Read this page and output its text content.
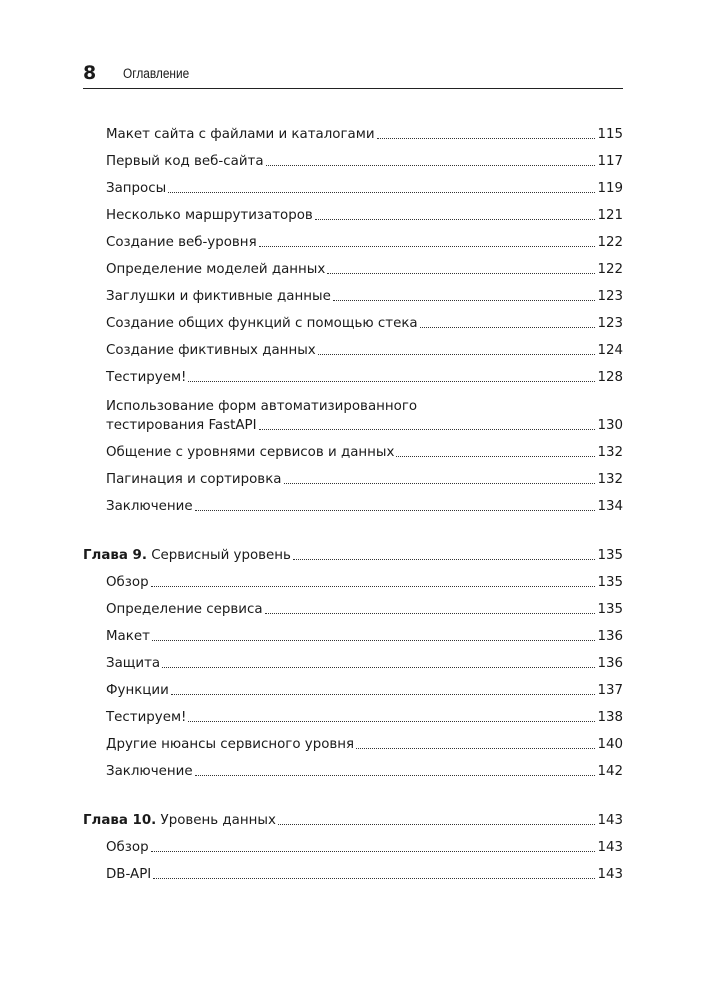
8 Оглавление
Макет сайта с файлами и каталогами	115
Первый код веб-сайта	117
Запросы	119
Несколько маршрутизаторов	121
Создание веб-уровня	122
Определение моделей данных	122
Заглушки и фиктивные данные	123
Создание общих функций с помощью стека	123
Создание фиктивных данных	124
Тестируем!	128
Использование форм автоматизированного
тестирования FastAPI	130
Общение с уровнями сервисов и данных	132
Пагинация и сортировка	132
Заключение	134
Глава 9. Сервисный уровень	135
Обзор	135
Определение сервиса	135
Макет	136
Защита	136
Функции	137
Тестируем!	138
Другие нюансы сервисного уровня	140
Заключение	142
Глава 10. Уровень данных	143
Обзор	143
DB-API	143
